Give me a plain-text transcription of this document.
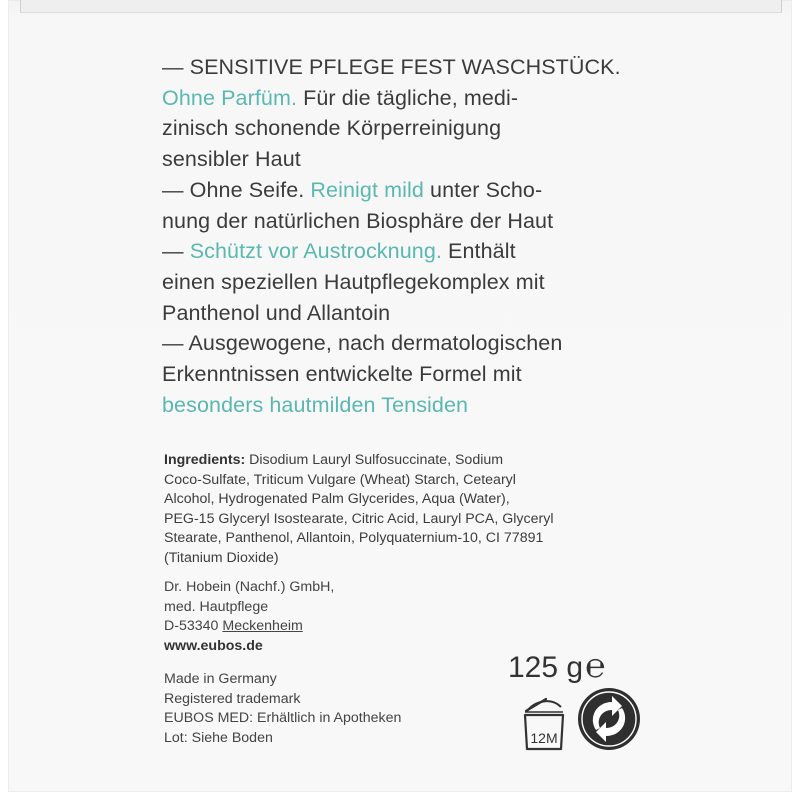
— SENSITIVE PFLEGE FEST WASCHSTÜCK.
Ohne Parfüm. Für die tägliche, medi-
zinisch schonende Körperreinigung
sensibler Haut
— Ohne Seife. Reinigt mild unter Scho-
nung der natürlichen Biosphäre der Haut
— Schützt vor Austrocknung. Enthält
einen speziellen Hautpflegekomplex mit
Panthenol und Allantoin
— Ausgewogene, nach dermatologischen
Erkenntnissen entwickelte Formel mit
besonders hautmilden Tensiden
Ingredients: Disodium Lauryl Sulfosuccinate, Sodium
Coco-Sulfate, Triticum Vulgare (Wheat) Starch, Cetearyl
Alcohol, Hydrogenated Palm Glycerides, Aqua (Water),
PEG-15 Glyceryl Isostearate, Citric Acid, Lauryl PCA, Glyceryl
Stearate, Panthenol, Allantoin, Polyquaternium-10, CI 77891
(Titanium Dioxide)
Dr. Hobein (Nachf.) GmbH,
med. Hautpflege
D-53340 Meckenheim
www.eubos.de
Made in Germany
Registered trademark
EUBOS MED: Erhältlich in Apotheken
Lot: Siehe Boden
125 g℮
12M
